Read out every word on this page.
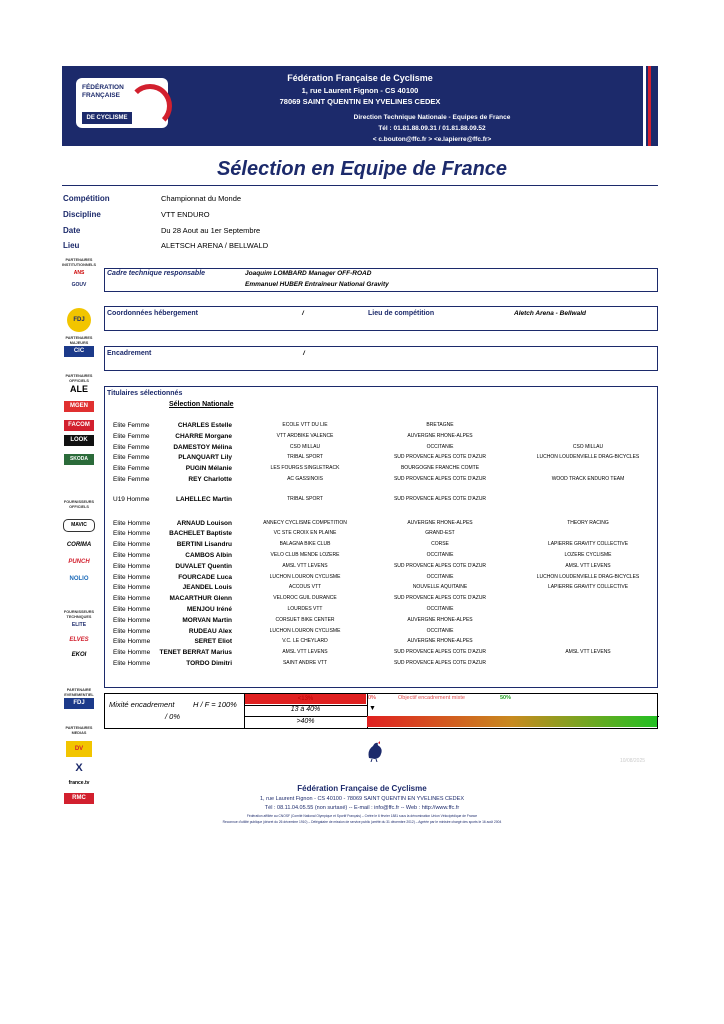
FÉDÉRATION
FRANÇAISE
DE CYCLISME
Fédération Française de Cyclisme
1, rue Laurent Fignon - CS 40100
78069 SAINT QUENTIN EN YVELINES CEDEX
Direction Technique Nationale - Equipes de France
Tél : 01.81.88.09.31 / 01.81.88.09.52
< c.bouton@ffc.fr > <e.lapierre@ffc.fr>
Sélection en Equipe de France
Compétition	Championnat du Monde
Discipline	VTT ENDURO
Date	Du 28 Aout au 1er Septembre
Lieu	ALETSCH ARENA / BELLWALD
PARTENAIRES INSTITUTIONNELS
ANS
GOUV
FDJ
PARTENAIRES MAJEURS
CIC
PARTENAIRES OFFICIELS
ALE
MGEN
FACOM
LOOK
SKODA
FOURNISSEURS OFFICIELS
MAVIC
CORIMA
PUNCH
NOLIO
FOURNISSEURS TECHNIQUES
ELITE
ELVES
EKOI
PARTENAIRE EVENEMENTIEL
FDJ
PARTENAIRES MEDIAS
DV
X
france.tv
RMC
Cadre technique responsable	Joaquim LOMBARD Manager OFF-ROAD
Emmanuel HUBER Entraîneur National Gravity
Coordonnées hébergement	/	Lieu de compétition	Aletch Arena - Bellwald
Encadrement	/
Titulaires sélectionnés
Sélection Nationale
Elite Femme	CHARLES Estelle	ECOLE VTT DU LIE	BRETAGNE
Elite Femme	CHARRE Morgane	VTT ARDBIKE VALENCE	AUVERGNE RHONE-ALPES
Elite Femme	DAMESTOY Mélina	CSO MILLAU	OCCITANIE	CSO MILLAU
Elite Femme	PLANQUART Lily	TRIBAL SPORT	SUD PROVENCE ALPES COTE D'AZUR	LUCHON LOUDENVIELLE DRAG-BICYCLES
Elite Femme	PUGIN Mélanie	LES FOURGS SINGLETRACK	BOURGOGNE FRANCHE COMTE
Elite Femme	REY Charlotte	AC GASSINOIS	SUD PROVENCE ALPES COTE D'AZUR	WOOD TRACK ENDURO TEAM
U19 Homme	LAHELLEC Martin	TRIBAL SPORT	SUD PROVENCE ALPES COTE D'AZUR
Elite Homme	ARNAUD Louison	ANNECY CYCLISME COMPETITION	AUVERGNE RHONE-ALPES	THEORY RACING
Elite Homme	BACHELET Baptiste	VC STE CROIX EN PLAINE	GRAND-EST
Elite Homme	BERTINI Lisandru	BALAGNA BIKE CLUB	CORSE	LAPIERRE GRAVITY COLLECTIVE
Elite Homme	CAMBOS Albin	VELO CLUB MENDE LOZERE	OCCITANIE	LOZERE CYCLISME
Elite Homme	DUVALET Quentin	AMSL VTT LEVENS	SUD PROVENCE ALPES COTE D'AZUR	AMSL VTT LEVENS
Elite Homme	FOURCADE Luca	LUCHON LOURON CYCLISME	OCCITANIE	LUCHON LOUDENVIELLE DRAG-BICYCLES
Elite Homme	JEANDEL Louis	ACCOUS VTT	NOUVELLE AQUITAINE	LAPIERRE GRAVITY COLLECTIVE
Elite Homme	MACARTHUR Glenn	VELOROC GUIL DURANCE	SUD PROVENCE ALPES COTE D'AZUR
Elite Homme	MENJOU Iréné	LOURDES VTT	OCCITANIE
Elite Homme	MORVAN Martin	CORSUET BIKE CENTER	AUVERGNE RHONE-ALPES
Elite Homme	RUDEAU Alex	LUCHON LOURON CYCLISME	OCCITANIE
Elite Homme	SERET Eliot	V.C. LE CHEYLARD	AUVERGNE RHONE-ALPES
Elite Homme	TENET BERRAT Marius	AMSL VTT LEVENS	SUD PROVENCE ALPES COTE D'AZUR	AMSL VTT LEVENS
Elite Homme	TORDO Dimitri	SAINT ANDRE VTT	SUD PROVENCE ALPES COTE D'AZUR
Mixité encadrement H / F = 100%
/ 0%
<13%
13 à 40%
>40%
0%	Objectif encadrement mixte	50%
▼
10/08/2025
Fédération Française de Cyclisme
1, rue Laurent Fignon - CS 40100 - 78069 SAINT QUENTIN EN YVELINES CEDEX
Tél : 08.11.04.05.55 (non surtaxé) -- E-mail : info@ffc.fr -- Web : http://www.ffc.fr
Fédération affiliée au CNOSF (Comité National Olympique et Sportif Français) – Créée le 6 février 1881 sous la dénomination Union Vélocipédique de France
Reconnue d'utilité publique (décret du 26 décembre 1910) – Délégataire de mission de service public (arrêté du 31 décembre 2012) – Agréée par le ministre chargé des sports le 16 août 2004
